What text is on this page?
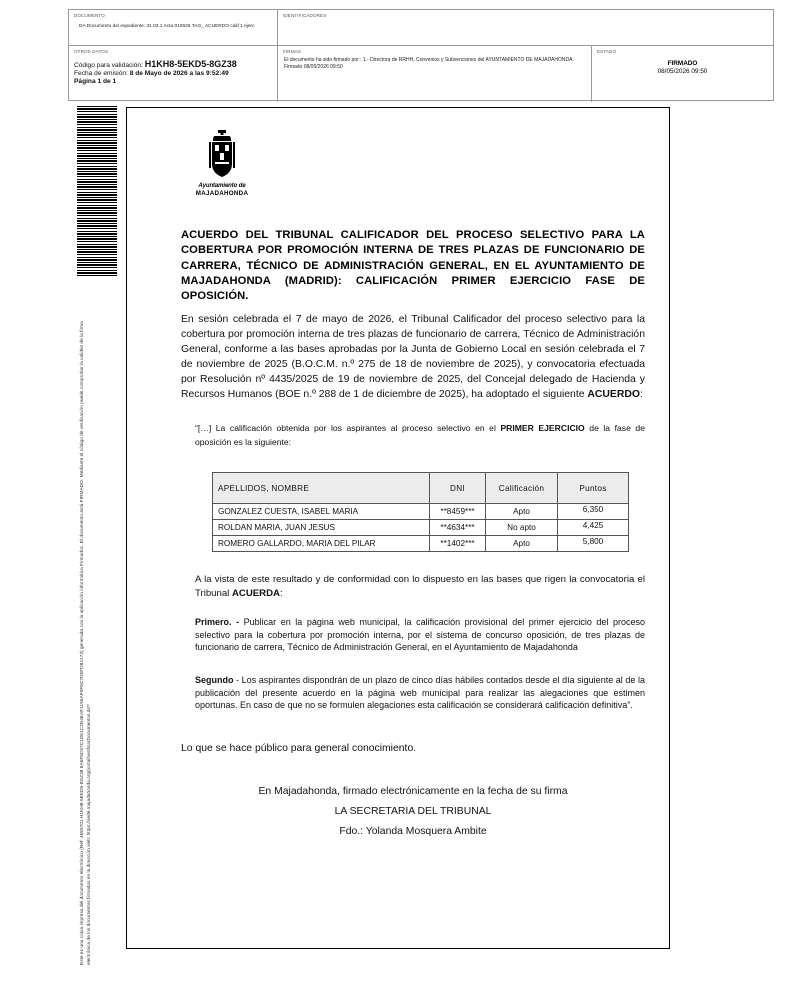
DOCUMENTO
DA Documento del expediente: 31.03.1 Acta 010626 TAG_ ACUERDO calif 1 ejerc
IDENTIFICADORES
OTROS DATOS
Código para validación: H1KH8-5EKD5-8GZ38
Fecha de emisión: 8 de Mayo de 2026 a las 9:52:49
Página 1 de 1
FIRMAS
El documento ha sido firmado por : 1.- Directora de RRHH, Convenios y Subvenciones del AYUNTAMIENTO DE MAJADAHONDA. Firmado 08/05/2026 09:50
ESTADO
FIRMADO
08/05/2026 09:50
Este es una copia impresa del documento electrónico (Ref: 4693701 H1KH8-5EKD5-8GZ38 8A6F6C67C1D61C2D4EAF1155AF0F5C7D5FD84173) generada con la aplicación informática Firmadoc. El documento está FIRMADO. Mediante el código de verificación puede comprobar la validez de la firma electrónica de los documentos firmados en la dirección web: https://sede.majadahonda.org/portal/verificarDocumentos.do?
Ayuntamiento de
MAJADAHONDA
ACUERDO DEL TRIBUNAL CALIFICADOR DEL PROCESO SELECTIVO PARA LA COBERTURA POR PROMOCIÓN INTERNA DE TRES PLAZAS DE FUNCIONARIO DE CARRERA, TÉCNICO DE ADMINISTRACIÓN GENERAL, EN EL AYUNTAMIENTO DE MAJADAHONDA (MADRID): CALIFICACIÓN PRIMER EJERCICIO FASE DE OPOSICIÓN.
En sesión celebrada el 7 de mayo de 2026, el Tribunal Calificador del proceso selectivo para la cobertura por promoción interna de tres plazas de funcionario de carrera, Técnico de Administración General, conforme a las bases aprobadas por la Junta de Gobierno Local en sesión celebrada el 7 de noviembre de 2025 (B.O.C.M. n.º 275 de 18 de noviembre de 2025), y convocatoria efectuada por Resolución nº 4435/2025 de 19 de noviembre de 2025, del Concejal delegado de Hacienda y Recursos Humanos (BOE n.º 288 de 1 de diciembre de 2025), ha adoptado el siguiente ACUERDO:
“[…] La calificación obtenida por los aspirantes al proceso selectivo en el PRIMER EJERCICIO de la fase de oposición es la siguiente:
APELLIDOS, NOMBRE	DNI	Calificación	Puntos
GONZALEZ CUESTA, ISABEL MARIA	**8459***	Apto	6,350
ROLDAN MARIA, JUAN JESUS	**4634***	No apto	4,425
ROMERO GALLARDO, MARIA DEL PILAR	**1402***	Apto	5,800
A la vista de este resultado y de conformidad con lo dispuesto en las bases que rigen la convocatoria el Tribunal ACUERDA:
Primero. - Publicar en la página web municipal, la calificación provisional del primer ejercicio del proceso selectivo para la cobertura por promoción interna, por el sistema de concurso oposición, de tres plazas de funcionario de carrera, Técnico de Administración General, en el Ayuntamiento de Majadahonda
Segundo - Los aspirantes dispondrán de un plazo de cinco días hábiles contados desde el día siguiente al de la publicación del presente acuerdo en la página web municipal para realizar las alegaciones que estimen oportunas. En caso de que no se formulen alegaciones esta calificación se considerará calificación definitiva”.
Lo que se hace público para general conocimiento.
En Majadahonda, firmado electrónicamente en la fecha de su firma
LA SECRETARIA DEL TRIBUNAL
Fdo.: Yolanda Mosquera Ambite
